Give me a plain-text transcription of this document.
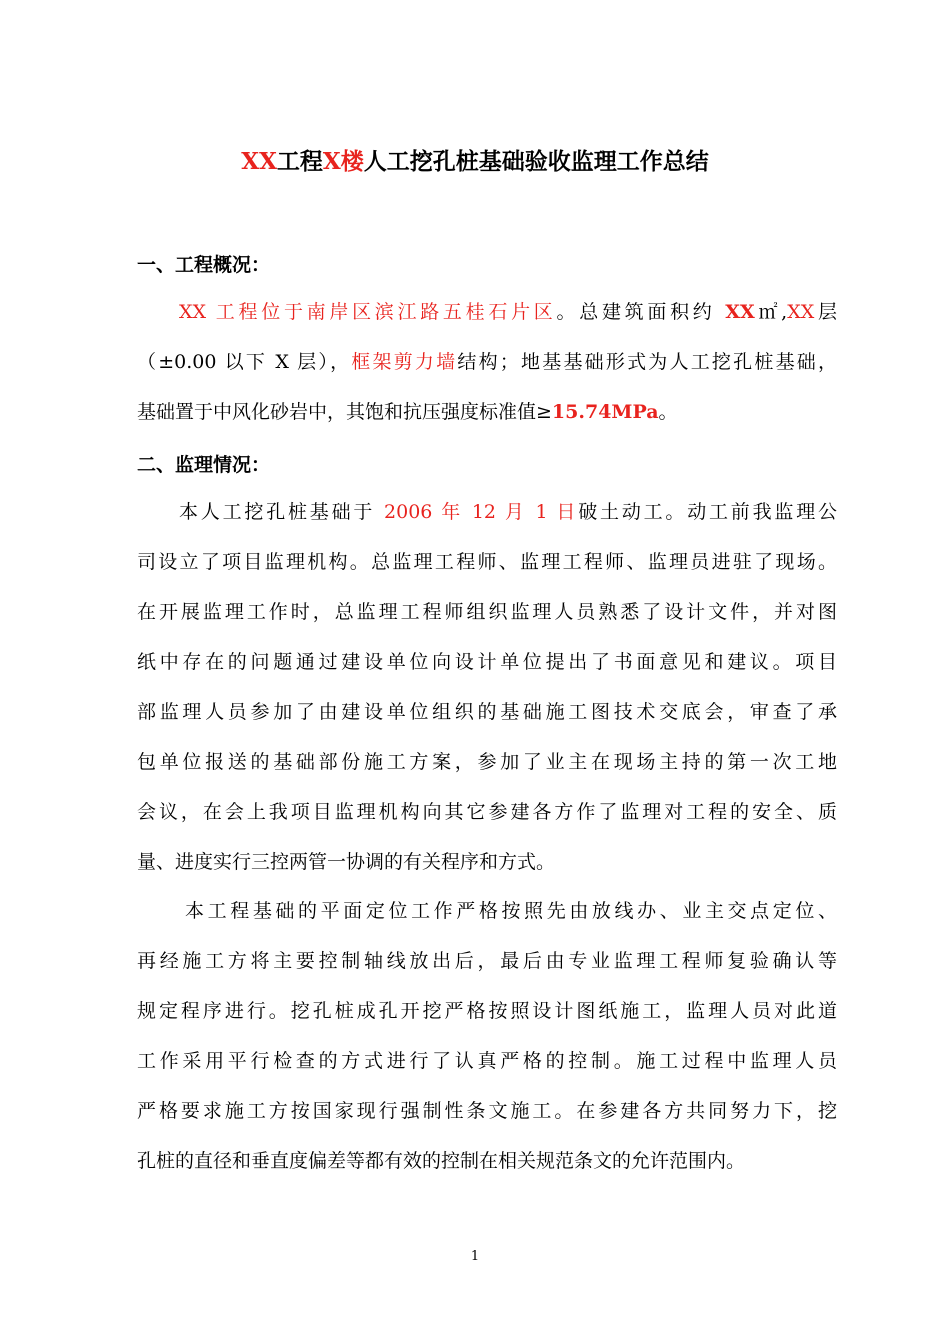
XX工程X楼人工挖孔桩基础验收监理工作总结
一、工程概况：
XX 工程位于南岸区滨江路五桂石片区。总建筑面积约 XX㎡,XX层
（±0.00 以下 X 层），框架剪力墙结构；地基基础形式为人工挖孔桩基础，
基础置于中风化砂岩中，其饱和抗压强度标准值≥15.74MPa。
二、监理情况：
本人工挖孔桩基础于 2006 年 12 月 1 日破土动工。动工前我监理公
司设立了项目监理机构。总监理工程师、监理工程师、监理员进驻了现场。
在开展监理工作时，总监理工程师组织监理人员熟悉了设计文件，并对图
纸中存在的问题通过建设单位向设计单位提出了书面意见和建议。项目
部监理人员参加了由建设单位组织的基础施工图技术交底会，审查了承
包单位报送的基础部份施工方案，参加了业主在现场主持的第一次工地
会议，在会上我项目监理机构向其它参建各方作了监理对工程的安全、质
量、进度实行三控两管一协调的有关程序和方式。
本工程基础的平面定位工作严格按照先由放线办、业主交点定位、
再经施工方将主要控制轴线放出后，最后由专业监理工程师复验确认等
规定程序进行。挖孔桩成孔开挖严格按照设计图纸施工，监理人员对此道
工作采用平行检查的方式进行了认真严格的控制。施工过程中监理人员
严格要求施工方按国家现行强制性条文施工。在参建各方共同努力下，挖
孔桩的直径和垂直度偏差等都有效的控制在相关规范条文的允许范围内。
1
